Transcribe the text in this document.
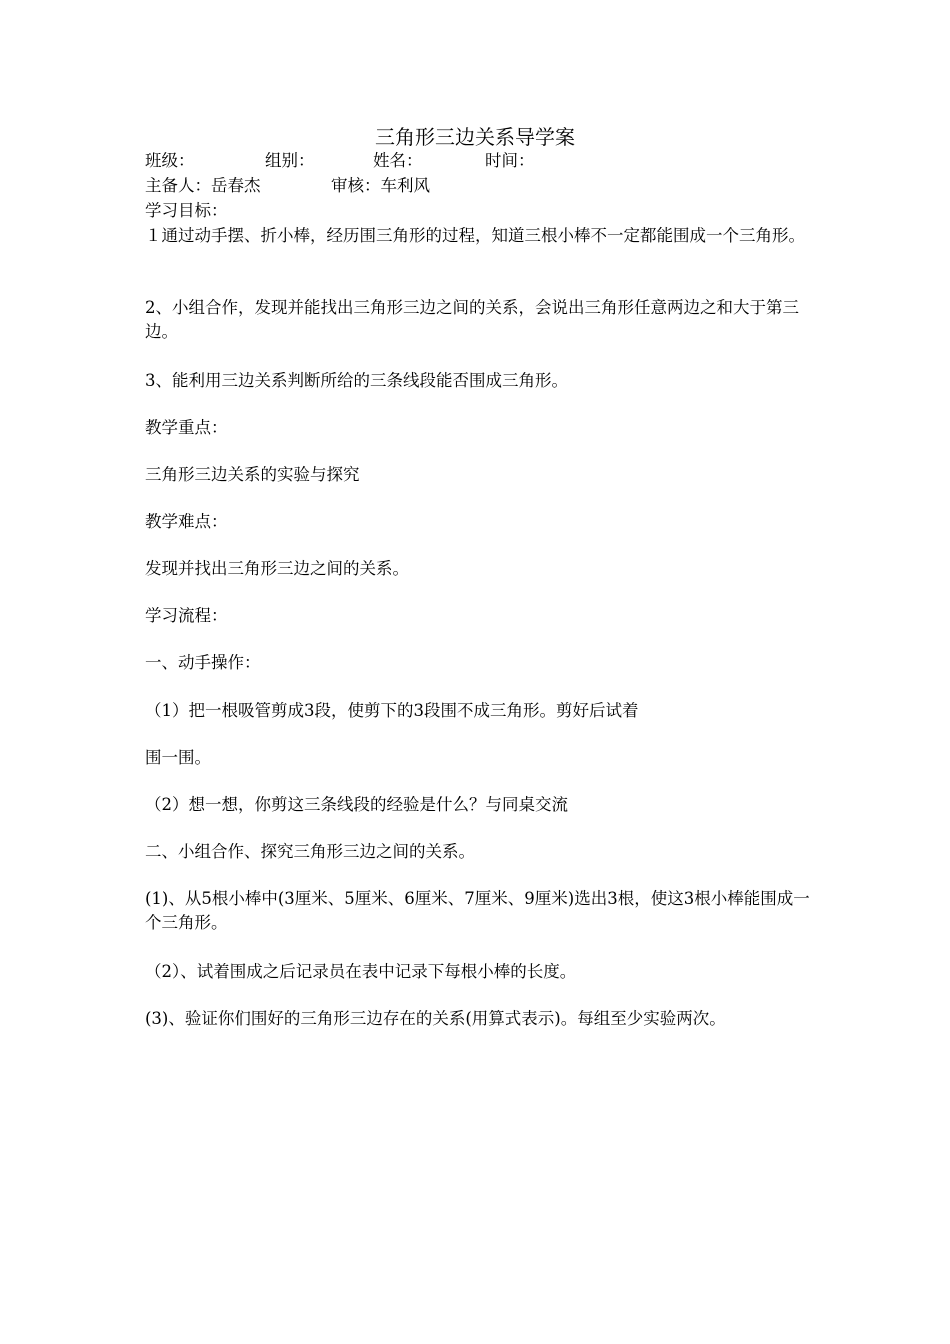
三角形三边关系导学案
班级：	组别：	姓名：	时间：
主备人：岳春杰	审核：车利风
学习目标：
１通过动手摆、折小棒，经历围三角形的过程，知道三根小棒不一定都能围成一个三角形。
2、小组合作，发现并能找出三角形三边之间的关系，会说出三角形任意两边之和大于第三边。
3、能利用三边关系判断所给的三条线段能否围成三角形。
教学重点：
三角形三边关系的实验与探究
教学难点：
发现并找出三角形三边之间的关系。
学习流程：
一、动手操作：
（1）把一根吸管剪成3段，使剪下的3段围不成三角形。剪好后试着
围一围。
（2）想一想，你剪这三条线段的经验是什么？与同桌交流
二、小组合作、探究三角形三边之间的关系。
(1)、从5根小棒中(3厘米、5厘米、6厘米、7厘米、9厘米)选出3根，使这3根小棒能围成一个三角形。
（2）、试着围成之后记录员在表中记录下每根小棒的长度。
(3)、验证你们围好的三角形三边存在的关系(用算式表示)。每组至少实验两次。
